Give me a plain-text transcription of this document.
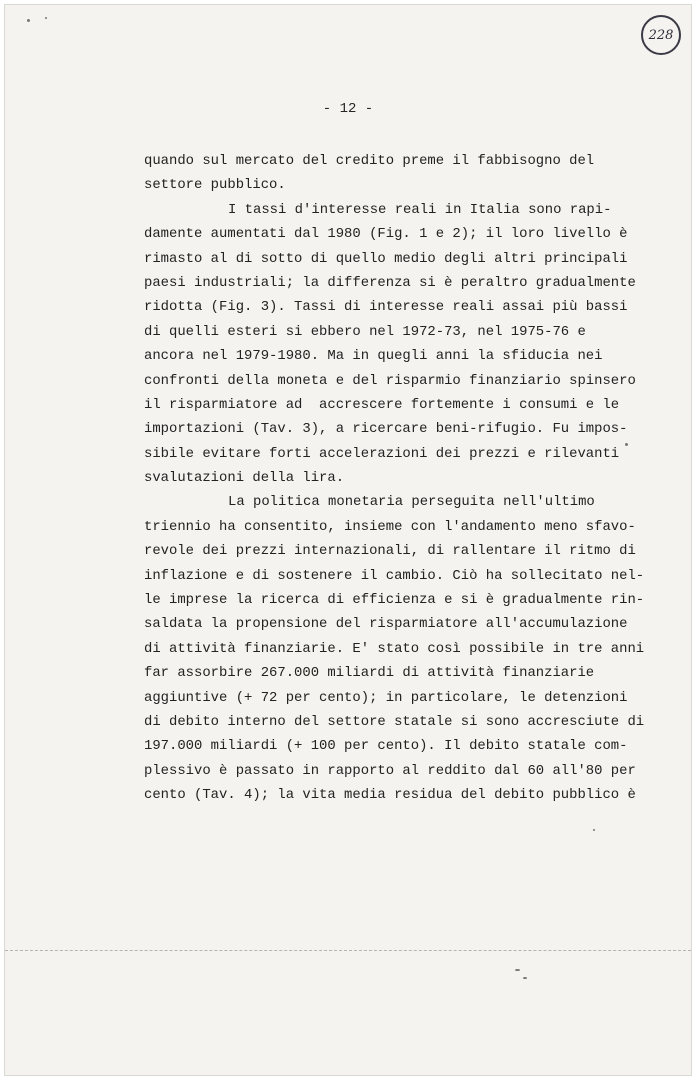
228
- 12 -
quando sul mercato del credito preme il fabbisogno del
settore pubblico.
I tassi d'interesse reali in Italia sono rapi-
damente aumentati dal 1980 (Fig. 1 e 2); il loro livello è
rimasto al di sotto di quello medio degli altri principali
paesi industriali; la differenza si è peraltro gradualmente
ridotta (Fig. 3). Tassi di interesse reali assai più bassi
di quelli esteri si ebbero nel 1972-73, nel 1975-76 e
ancora nel 1979-1980. Ma in quegli anni la sfiducia nei
confronti della moneta e del risparmio finanziario spinsero
il risparmiatore ad  accrescere fortemente i consumi e le
importazioni (Tav. 3), a ricercare beni-rifugio. Fu impos-
sibile evitare forti accelerazioni dei prezzi e rilevanti
svalutazioni della lira.
La politica monetaria perseguita nell'ultimo
triennio ha consentito, insieme con l'andamento meno sfavo-
revole dei prezzi internazionali, di rallentare il ritmo di
inflazione e di sostenere il cambio. Ciò ha sollecitato nel-
le imprese la ricerca di efficienza e si è gradualmente rin-
saldata la propensione del risparmiatore all'accumulazione
di attività finanziarie. E' stato così possibile in tre anni
far assorbire 267.000 miliardi di attività finanziarie
aggiuntive (+ 72 per cento); in particolare, le detenzioni
di debito interno del settore statale si sono accresciute di
197.000 miliardi (+ 100 per cento). Il debito statale com-
plessivo è passato in rapporto al reddito dal 60 all'80 per
cento (Tav. 4); la vita media residua del debito pubblico è
